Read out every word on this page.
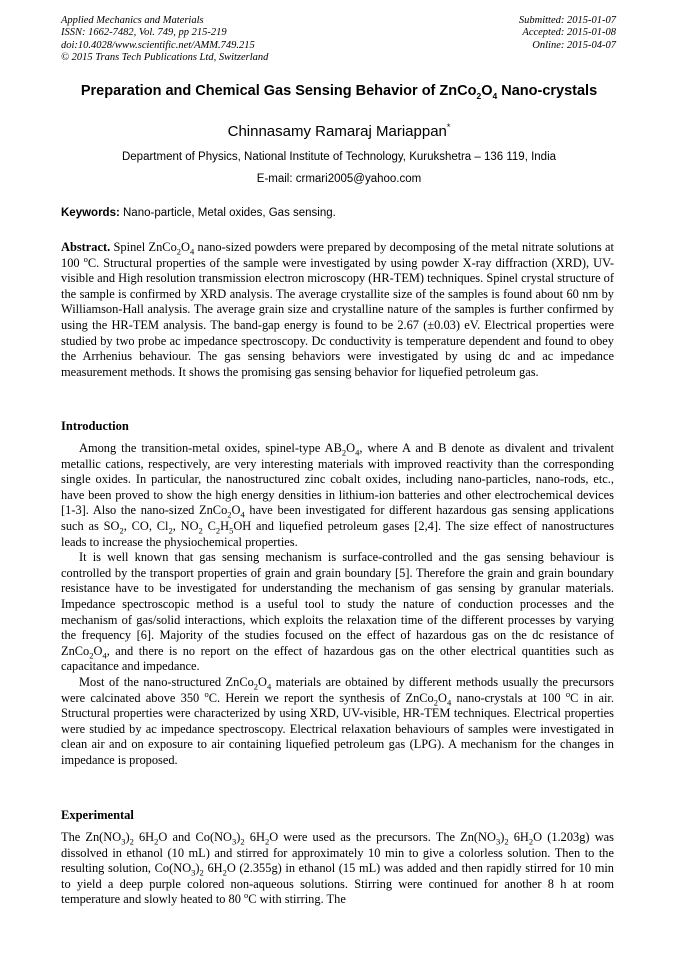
Applied Mechanics and Materials
ISSN: 1662-7482, Vol. 749, pp 215-219
doi:10.4028/www.scientific.net/AMM.749.215
© 2015 Trans Tech Publications Ltd, Switzerland
Submitted: 2015-01-07
Accepted: 2015-01-08
Online: 2015-04-07
Preparation and Chemical Gas Sensing Behavior of $ZnCo_2O_4$ Nano-crystals
Chinnasamy Ramaraj Mariappan*
Department of Physics, National Institute of Technology, Kurukshetra – 136 119, India
E-mail: crmari2005@yahoo.com
Keywords: Nano-particle, Metal oxides, Gas sensing.

Abstract. Spinel $ZnCo_2O_4$ nano-sized powders were prepared by decomposing of the metal nitrate solutions at 100 $^o$C. Structural properties of the sample were investigated by using powder X-ray diffraction (XRD), UV-visible and High resolution transmission electron microscopy (HR-TEM) techniques. Spinel crystal structure of the sample is confirmed by XRD analysis. The average crystallite size of the samples is found about 60 nm by Williamson-Hall analysis. The average grain size and crystalline nature of the samples is further confirmed by using the HR-TEM analysis. The band-gap energy is found to be 2.67 (±0.03) eV. Electrical properties were studied by two probe ac impedance spectroscopy. Dc conductivity is temperature dependent and found to obey the Arrhenius behaviour. The gas sensing behaviors were investigated by using dc and ac impedance measurement methods. It shows the promising gas sensing behavior for liquefied petroleum gas.

Introduction

Among the transition-metal oxides, spinel-type $AB_2O_4$, where A and B denote as divalent and trivalent metallic cations, respectively, are very interesting materials with improved reactivity than the corresponding single oxides. In particular, the nanostructured zinc cobalt oxides, including nano-particles, nano-rods, etc., have been proved to show the high energy densities in lithium-ion batteries and other electrochemical devices [1-3]. Also the nano-sized $ZnCo_2O_4$ have been investigated for different hazardous gas sensing applications such as $SO_2$, CO, $Cl_2$, $NO_2$ $C_2H_5OH$ and liquefied petroleum gases [2,4]. The size effect of nanostructures leads to increase the physiochemical properties.

It is well known that gas sensing mechanism is surface-controlled and the gas sensing behaviour is controlled by the transport properties of grain and grain boundary [5]. Therefore the grain and grain boundary resistance have to be investigated for understanding the mechanism of gas sensing by granular materials. Impedance spectroscopic method is a useful tool to study the nature of conduction processes and the mechanism of gas/solid interactions, which exploits the relaxation time of the different processes by varying the frequency [6]. Majority of the studies focused on the effect of hazardous gas on the dc resistance of $ZnCo_2O_4$, and there is no report on the effect of hazardous gas on the other electrical quantities such as capacitance and impedance.

Most of the nano-structured $ZnCo_2O_4$ materials are obtained by different methods usually the precursors were calcinated above 350 $^o$C. Herein we report the synthesis of $ZnCo_2O_4$ nano-crystals at 100 $^o$C in air. Structural properties were characterized by using XRD, UV-visible, HR-TEM techniques. Electrical properties were studied by ac impedance spectroscopy. Electrical relaxation behaviours of samples were investigated in clean air and on exposure to air containing liquefied petroleum gas (LPG). A mechanism for the changes in impedance is proposed.

Experimental

The $Zn(NO_3)_2$ $6H_2O$ and $Co(NO_3)_2$ $6H_2O$ were used as the precursors. The $Zn(NO_3)_2$ $6H_2O$ (1.203g) was dissolved in ethanol (10 mL) and stirred for approximately 10 min to give a colorless solution. Then to the resulting solution, $Co(NO_3)_2$ $6H_2O$ (2.355g) in ethanol (15 mL) was added and then rapidly stirred for 10 min to yield a deep purple colored non-aqueous solutions. Stirring were continued for another 8 h at room temperature and slowly heated to 80 $^o$C with stirring. The
